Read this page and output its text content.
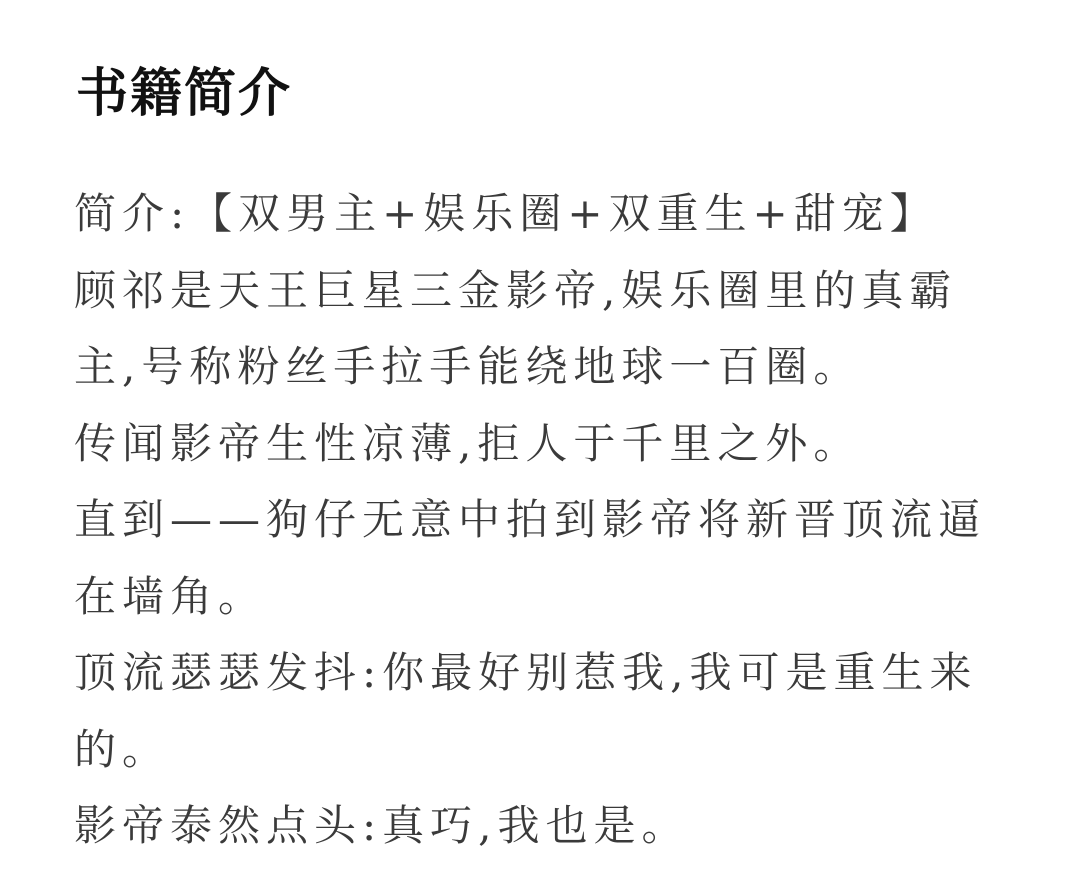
书籍简介

简介:【双男主+娱乐圈+双重生+甜宠】

顾祁是天王巨星三金影帝,娱乐圈里的真霸主,号称粉丝手拉手能绕地球一百圈。

传闻影帝生性凉薄,拒人于千里之外。

直到——狗仔无意中拍到影帝将新晋顶流逼在墙角。

顶流瑟瑟发抖:你最好别惹我,我可是重生来的。

影帝泰然点头:真巧,我也是。
